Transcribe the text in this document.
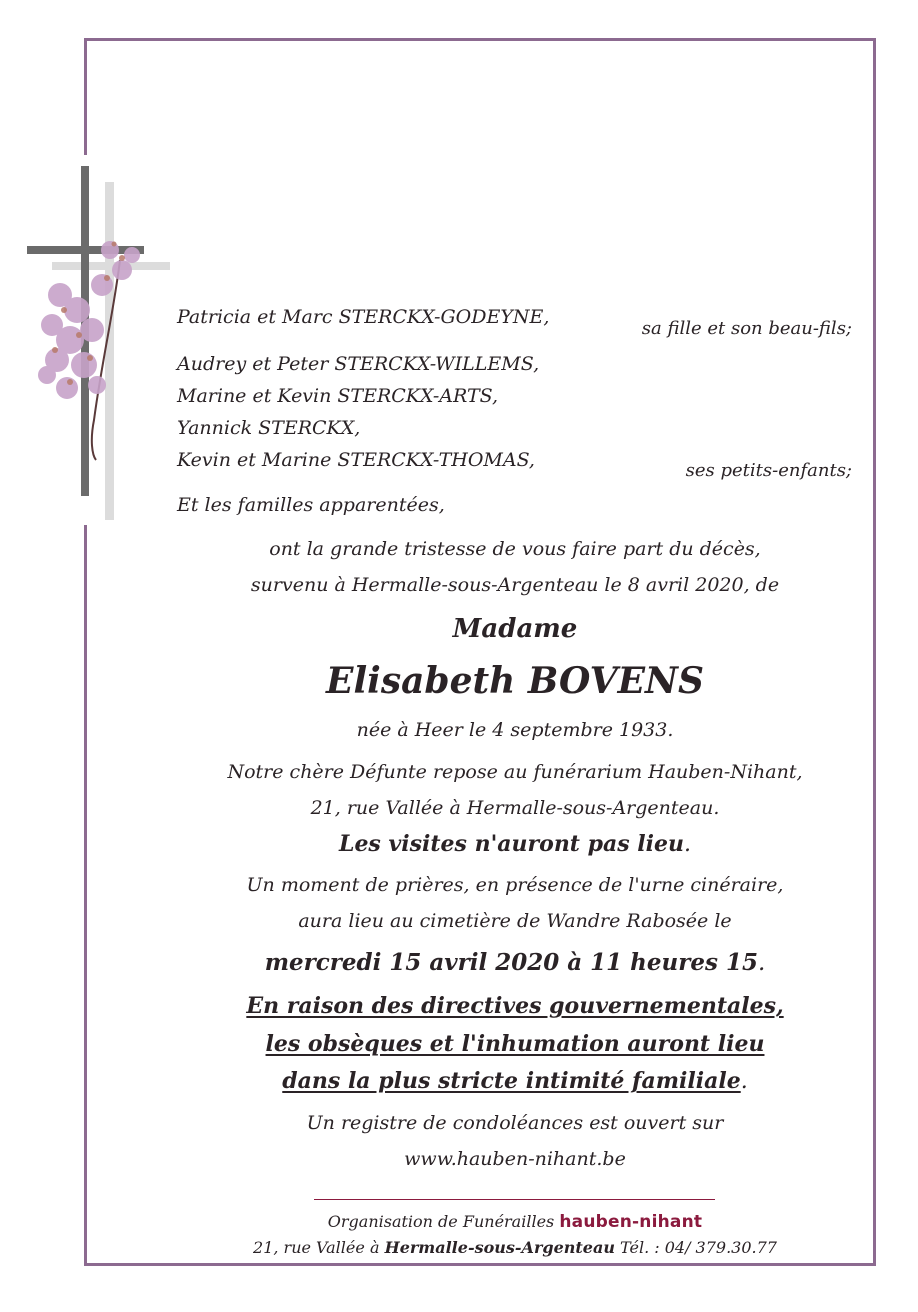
Patricia et Marc STERCKX-GODEYNE,
sa fille et son beau-fils;
Audrey et Peter STERCKX-WILLEMS,
Marine et Kevin STERCKX-ARTS,
Yannick STERCKX,
Kevin et Marine STERCKX-THOMAS,	ses petits-enfants;
Et les familles apparentées,
ont la grande tristesse de vous faire part du décès,
survenu à Hermalle-sous-Argenteau le 8 avril 2020, de
Madame
Elisabeth BOVENS
née à Heer le 4 septembre 1933.
Notre chère Défunte repose au funérarium Hauben-Nihant,
21, rue Vallée à Hermalle-sous-Argenteau.
Les visites n'auront pas lieu.
Un moment de prières, en présence de l'urne cinéraire,
aura lieu au cimetière de Wandre Rabosée le
mercredi 15 avril 2020 à 11 heures 15.
En raison des directives gouvernementales,
les obsèques et l'inhumation auront lieu
dans la plus stricte intimité familiale.
Un registre de condoléances est ouvert sur
www.hauben-nihant.be
Organisation de Funérailles hauben-nihant
21, rue Vallée à Hermalle-sous-Argenteau Tél. : 04/ 379.30.77
